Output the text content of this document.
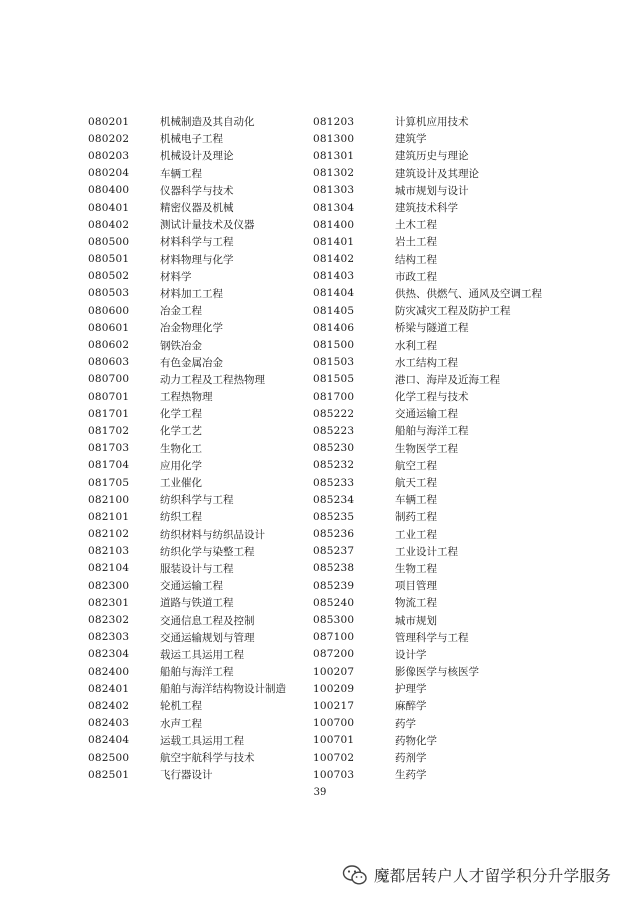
080201	机械制造及其自动化
080202	机械电子工程
080203	机械设计及理论
080204	车辆工程
080400	仪器科学与技术
080401	精密仪器及机械
080402	测试计量技术及仪器
080500	材料科学与工程
080501	材料物理与化学
080502	材料学
080503	材料加工工程
080600	冶金工程
080601	冶金物理化学
080602	钢铁冶金
080603	有色金属冶金
080700	动力工程及工程热物理
080701	工程热物理
081701	化学工程
081702	化学工艺
081703	生物化工
081704	应用化学
081705	工业催化
082100	纺织科学与工程
082101	纺织工程
082102	纺织材料与纺织品设计
082103	纺织化学与染整工程
082104	服装设计与工程
082300	交通运输工程
082301	道路与铁道工程
082302	交通信息工程及控制
082303	交通运输规划与管理
082304	载运工具运用工程
082400	船舶与海洋工程
082401	船舶与海洋结构物设计制造
082402	轮机工程
082403	水声工程
082404	运载工具运用工程
082500	航空宇航科学与技术
082501	飞行器设计
081203	计算机应用技术
081300	建筑学
081301	建筑历史与理论
081302	建筑设计及其理论
081303	城市规划与设计
081304	建筑技术科学
081400	土木工程
081401	岩土工程
081402	结构工程
081403	市政工程
081404	供热、供燃气、通风及空调工程
081405	防灾减灾工程及防护工程
081406	桥梁与隧道工程
081500	水利工程
081503	水工结构工程
081505	港口、海岸及近海工程
081700	化学工程与技术
085222	交通运输工程
085223	船舶与海洋工程
085230	生物医学工程
085232	航空工程
085233	航天工程
085234	车辆工程
085235	制药工程
085236	工业工程
085237	工业设计工程
085238	生物工程
085239	项目管理
085240	物流工程
085300	城市规划
087100	管理科学与工程
087200	设计学
100207	影像医学与核医学
100209	护理学
100217	麻醉学
100700	药学
100701	药物化学
100702	药剂学
100703	生药学
39
魔都居转户人才留学积分升学服务
